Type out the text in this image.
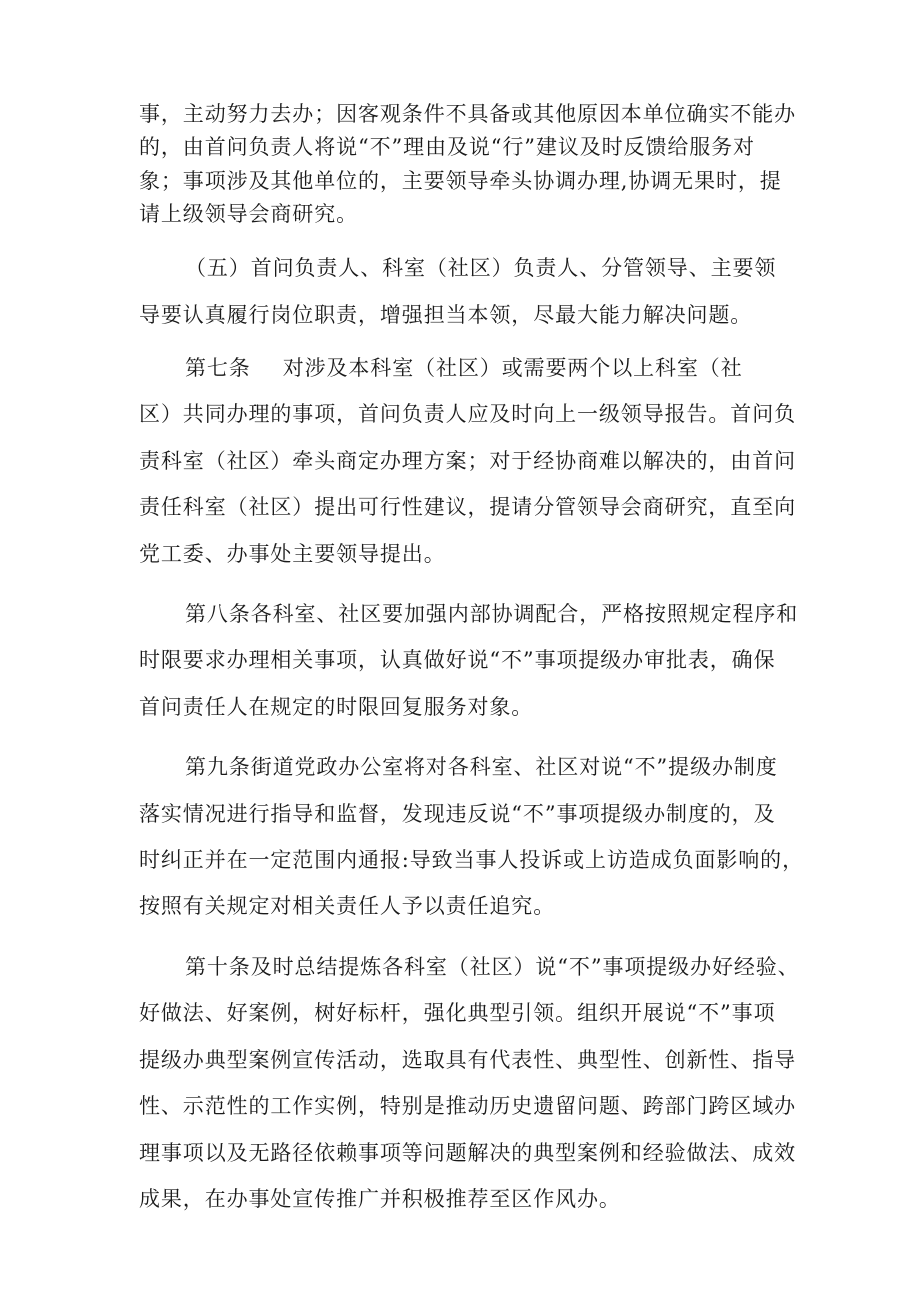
事，主动努力去办；因客观条件不具备或其他原因本单位确实不能办
的，由首问负责人将说“不”理由及说“行”建议及时反馈给服务对
象；事项涉及其他单位的，主要领导牵头协调办理,协调无果时，提
请上级领导会商研究。

（五）首问负责人、科室（社区）负责人、分管领导、主要领
导要认真履行岗位职责，增强担当本领，尽最大能力解决问题。

第七条 对涉及本科室（社区）或需要两个以上科室（社
区）共同办理的事项，首问负责人应及时向上一级领导报告。首问负
责科室（社区）牵头商定办理方案；对于经协商难以解决的，由首问
责任科室（社区）提出可行性建议，提请分管领导会商研究，直至向
党工委、办事处主要领导提出。

第八条各科室、社区要加强内部协调配合，严格按照规定程序和
时限要求办理相关事项，认真做好说“不”事项提级办审批表，确保
首问责任人在规定的时限回复服务对象。

第九条街道党政办公室将对各科室、社区对说“不”提级办制度
落实情况进行指导和监督，发现违反说“不”事项提级办制度的，及
时纠正并在一定范围内通报:导致当事人投诉或上访造成负面影响的，
按照有关规定对相关责任人予以责任追究。

第十条及时总结提炼各科室（社区）说“不”事项提级办好经验、
好做法、好案例，树好标杆，强化典型引领。组织开展说“不”事项
提级办典型案例宣传活动，选取具有代表性、典型性、创新性、指导
性、示范性的工作实例，特别是推动历史遗留问题、跨部门跨区域办
理事项以及无路径依赖事项等问题解决的典型案例和经验做法、成效
成果，在办事处宣传推广并积极推荐至区作风办。
